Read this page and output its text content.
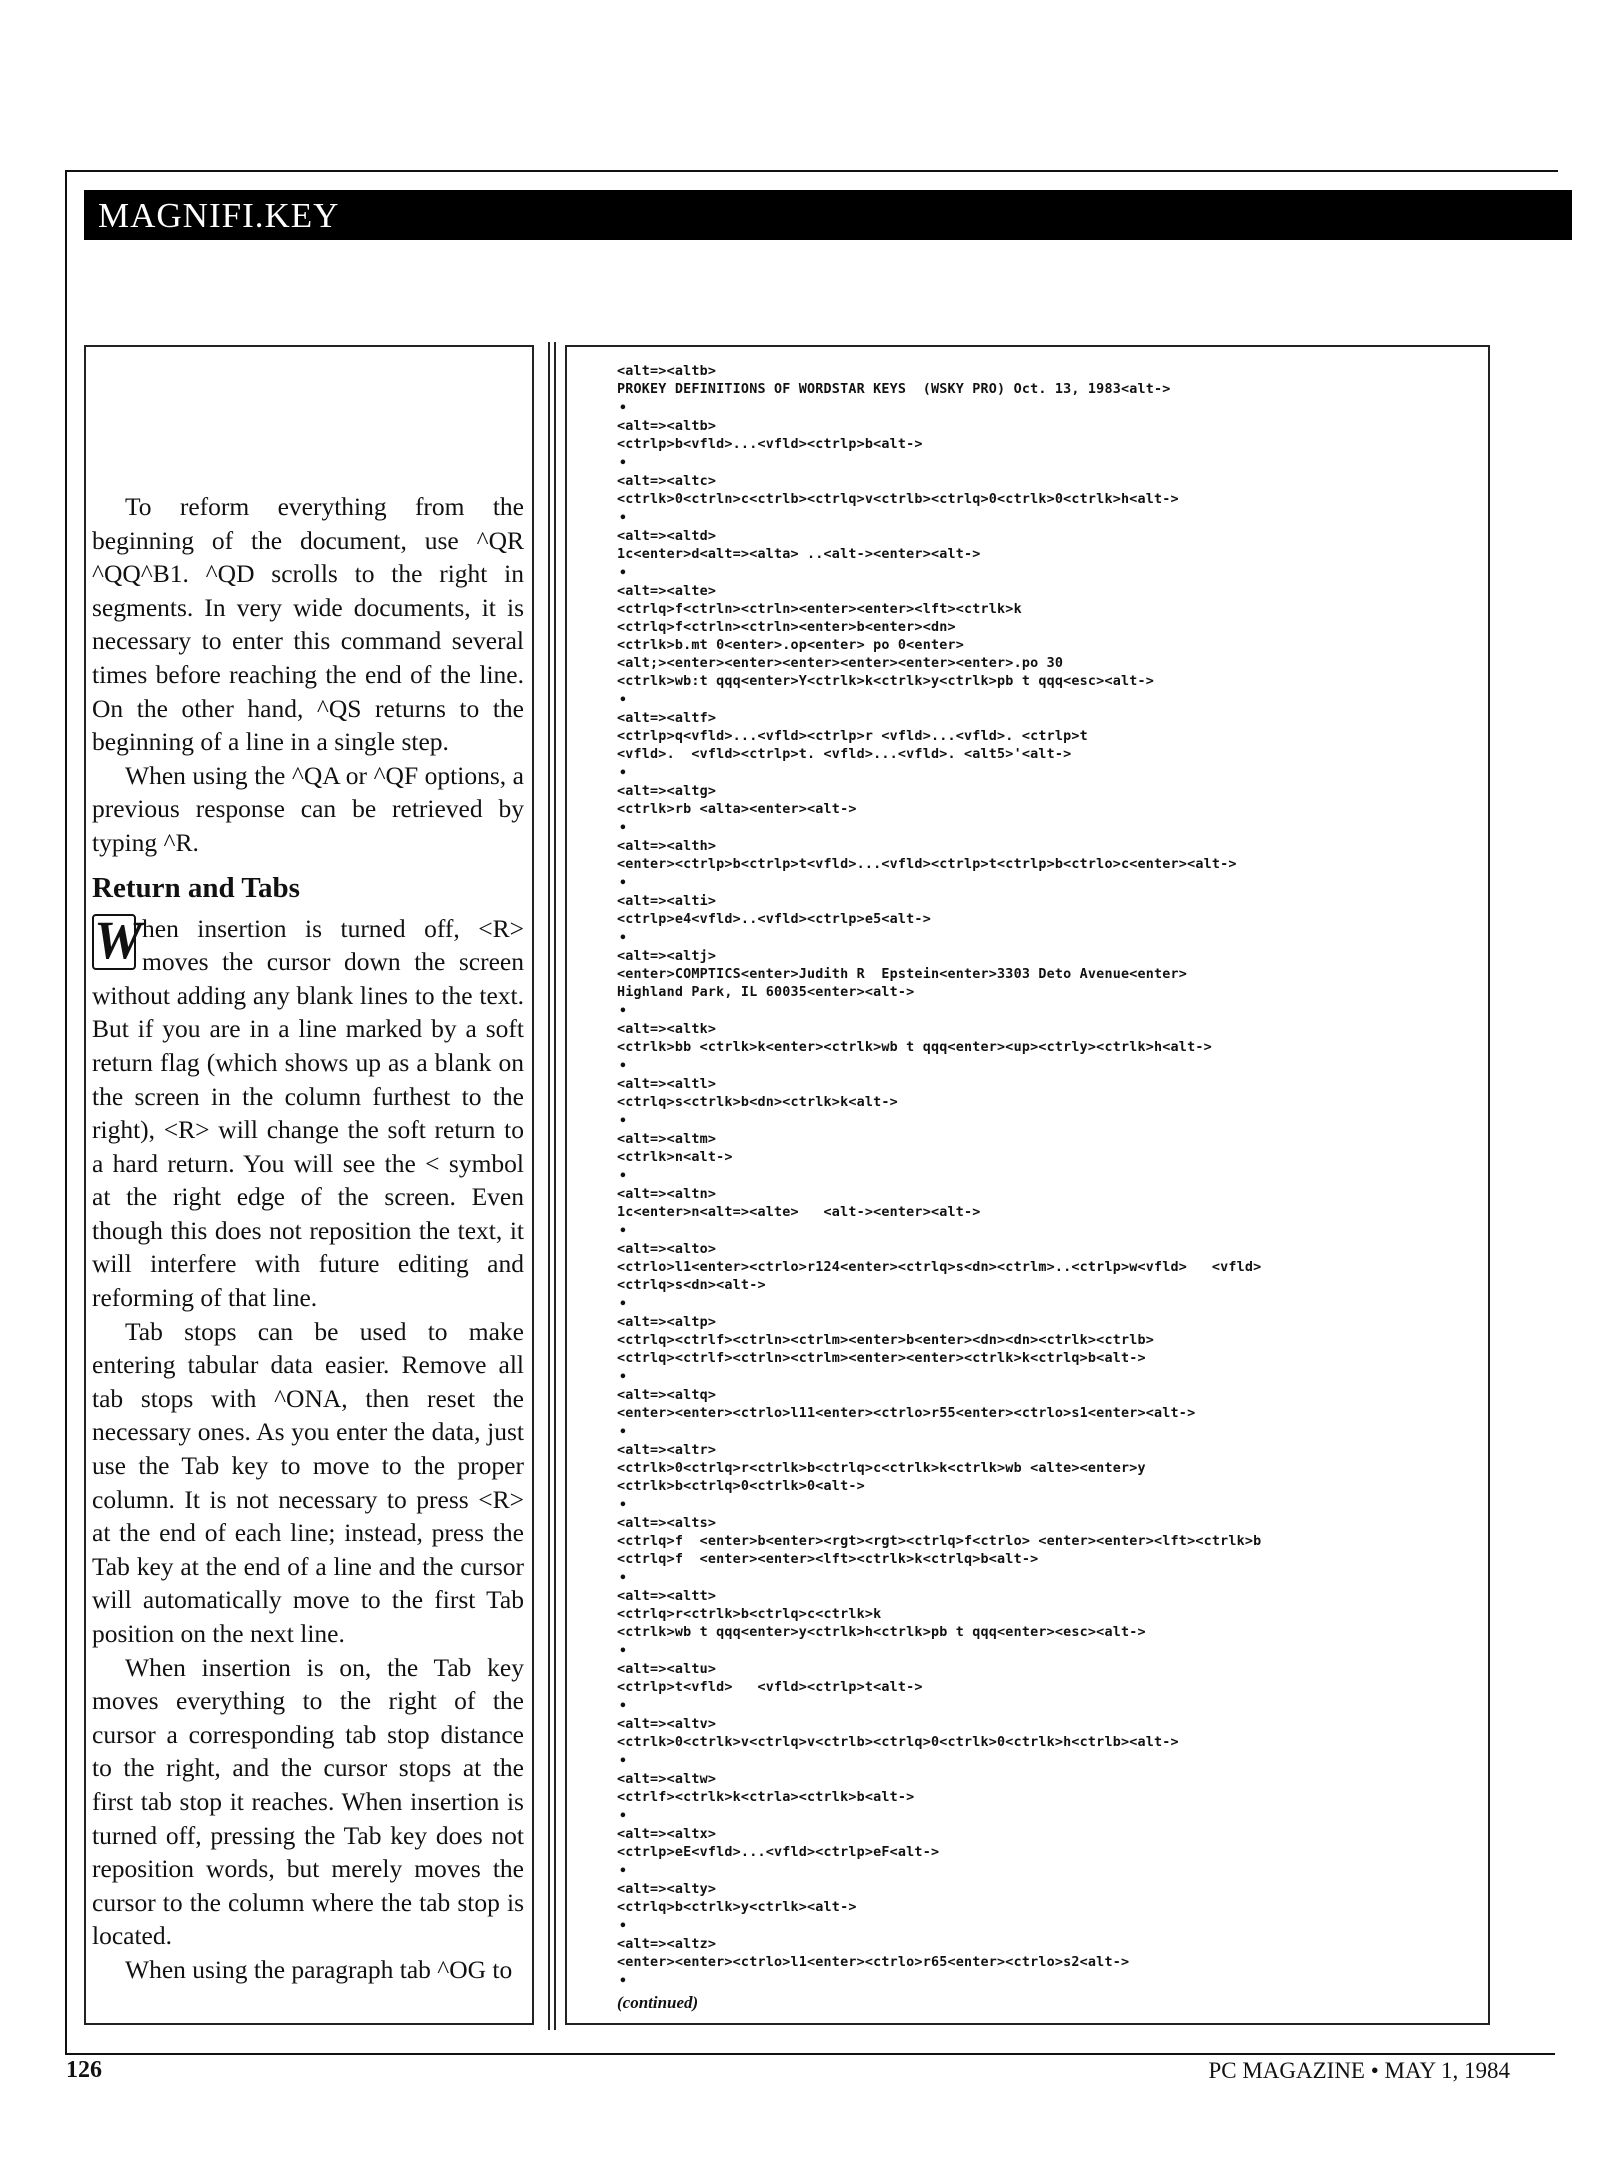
MAGNIFI.KEY

To reform everything from the beginning of the document, use ^QR ^QQ^B1. ^QD scrolls to the right in segments. In very wide documents, it is necessary to enter this command several times before reaching the end of the line. On the other hand, ^QS returns to the beginning of a line in a single step.

When using the ^QA or ^QF options, a previous response can be retrieved by typing ^R.

Return and Tabs

W hen insertion is turned off, <R> moves the cursor down the screen without adding any blank lines to the text. But if you are in a line marked by a soft return flag (which shows up as a blank on the screen in the column furthest to the right), <R> will change the soft return to a hard return. You will see the < symbol at the right edge of the screen. Even though this does not reposition the text, it will interfere with future editing and reforming of that line.

Tab stops can be used to make entering tabular data easier. Remove all tab stops with ^ONA, then reset the necessary ones. As you enter the data, just use the Tab key to move to the proper column. It is not necessary to press <R> at the end of each line; instead, press the Tab key at the end of a line and the cursor will automatically move to the first Tab position on the next line.

When insertion is on, the Tab key moves everything to the right of the cursor a corresponding tab stop distance to the right, and the cursor stops at the first tab stop it reaches. When insertion is turned off, pressing the Tab key does not reposition words, but merely moves the cursor to the column where the tab stop is located.

When using the paragraph tab ^OG to

<alt=><altb>
PROKEY DEFINITIONS OF WORDSTAR KEYS  (WSKY PRO) Oct. 13, 1983<alt->
•
<alt=><altb>
<ctrlp>b<vfld>...<vfld><ctrlp>b<alt->
•
<alt=><altc>
<ctrlk>0<ctrln>c<ctrlb><ctrlq>v<ctrlb><ctrlq>0<ctrlk>0<ctrlk>h<alt->
•
<alt=><altd>
1c<enter>d<alt=><alta> ..<alt-><enter><alt->
•
<alt=><alte>
<ctrlq>f<ctrln><ctrln><enter><enter><lft><ctrlk>k
<ctrlq>f<ctrln><ctrln><enter>b<enter><dn>
<ctrlk>b.mt 0<enter>.op<enter> po 0<enter>
<alt;><enter><enter><enter><enter><enter><enter>.po 30
<ctrlk>wb:t qqq<enter>Y<ctrlk>k<ctrlk>y<ctrlk>pb t qqq<esc><alt->
•
<alt=><altf>
<ctrlp>q<vfld>...<vfld><ctrlp>r <vfld>...<vfld>. <ctrlp>t
<vfld>.  <vfld><ctrlp>t. <vfld>...<vfld>. <alt5>'<alt->
•
<alt=><altg>
<ctrlk>rb <alta><enter><alt->
•
<alt=><alth>
<enter><ctrlp>b<ctrlp>t<vfld>...<vfld><ctrlp>t<ctrlp>b<ctrlo>c<enter><alt->
•
<alt=><alti>
<ctrlp>e4<vfld>..<vfld><ctrlp>e5<alt->
•
<alt=><altj>
<enter>COMPTICS<enter>Judith R  Epstein<enter>3303 Deto Avenue<enter>
Highland Park, IL 60035<enter><alt->
•
<alt=><altk>
<ctrlk>bb <ctrlk>k<enter><ctrlk>wb t qqq<enter><up><ctrly><ctrlk>h<alt->
•
<alt=><altl>
<ctrlq>s<ctrlk>b<dn><ctrlk>k<alt->
•
<alt=><altm>
<ctrlk>n<alt->
•
<alt=><altn>
1c<enter>n<alt=><alte>   <alt-><enter><alt->
•
<alt=><alto>
<ctrlo>l1<enter><ctrlo>r124<enter><ctrlq>s<dn><ctrlm>..<ctrlp>w<vfld>   <vfld>
<ctrlq>s<dn><alt->
•
<alt=><altp>
<ctrlq><ctrlf><ctrln><ctrlm><enter>b<enter><dn><dn><ctrlk><ctrlb>
<ctrlq><ctrlf><ctrln><ctrlm><enter><enter><ctrlk>k<ctrlq>b<alt->
•
<alt=><altq>
<enter><enter><ctrlo>l11<enter><ctrlo>r55<enter><ctrlo>s1<enter><alt->
•
<alt=><altr>
<ctrlk>0<ctrlq>r<ctrlk>b<ctrlq>c<ctrlk>k<ctrlk>wb <alte><enter>y
<ctrlk>b<ctrlq>0<ctrlk>0<alt->
•
<alt=><alts>
<ctrlq>f  <enter>b<enter><rgt><rgt><ctrlq>f<ctrlo> <enter><enter><lft><ctrlk>b
<ctrlq>f  <enter><enter><lft><ctrlk>k<ctrlq>b<alt->
•
<alt=><altt>
<ctrlq>r<ctrlk>b<ctrlq>c<ctrlk>k
<ctrlk>wb t qqq<enter>y<ctrlk>h<ctrlk>pb t qqq<enter><esc><alt->
•
<alt=><altu>
<ctrlp>t<vfld>   <vfld><ctrlp>t<alt->
•
<alt=><altv>
<ctrlk>0<ctrlk>v<ctrlq>v<ctrlb><ctrlq>0<ctrlk>0<ctrlk>h<ctrlb><alt->
•
<alt=><altw>
<ctrlf><ctrlk>k<ctrla><ctrlk>b<alt->
•
<alt=><altx>
<ctrlp>eE<vfld>...<vfld><ctrlp>eF<alt->
•
<alt=><alty>
<ctrlq>b<ctrlk>y<ctrlk><alt->
•
<alt=><altz>
<enter><enter><ctrlo>l1<enter><ctrlo>r65<enter><ctrlo>s2<alt->
•
(continued)
126	PC MAGAZINE • MAY 1, 1984
